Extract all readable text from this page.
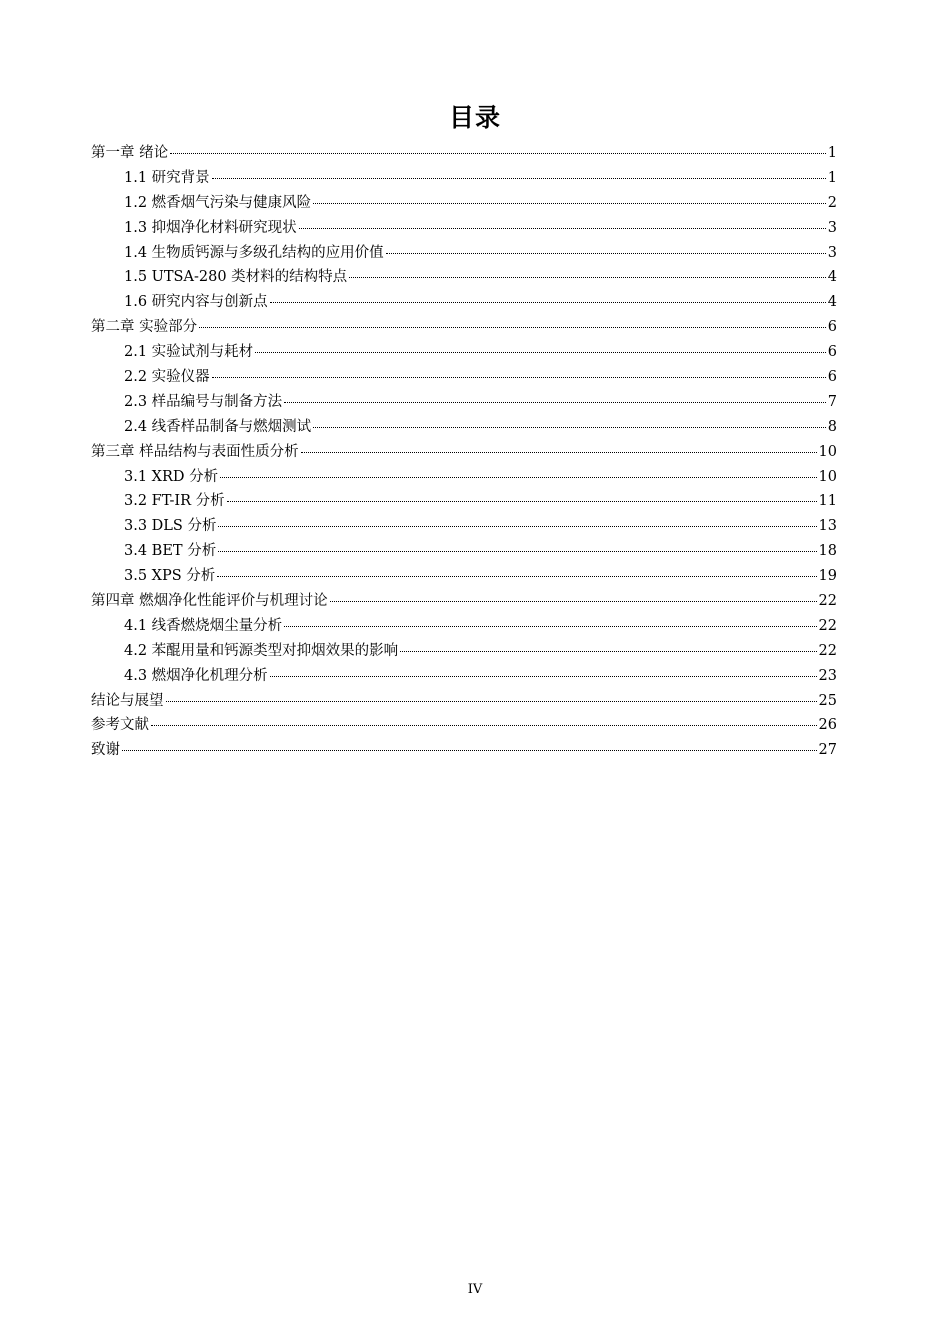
目录
第一章 绪论	1
1.1 研究背景	1
1.2 燃香烟气污染与健康风险	2
1.3 抑烟净化材料研究现状	3
1.4 生物质钙源与多级孔结构的应用价值	3
1.5 UTSA-280 类材料的结构特点	4
1.6 研究内容与创新点	4
第二章 实验部分	6
2.1 实验试剂与耗材	6
2.2 实验仪器	6
2.3 样品编号与制备方法	7
2.4 线香样品制备与燃烟测试	8
第三章 样品结构与表面性质分析	10
3.1 XRD 分析	10
3.2 FT-IR 分析	11
3.3 DLS 分析	13
3.4 BET 分析	18
3.5 XPS 分析	19
第四章 燃烟净化性能评价与机理讨论	22
4.1 线香燃烧烟尘量分析	22
4.2 苯醌用量和钙源类型对抑烟效果的影响	22
4.3 燃烟净化机理分析	23
结论与展望	25
参考文献	26
致谢	27
IV
